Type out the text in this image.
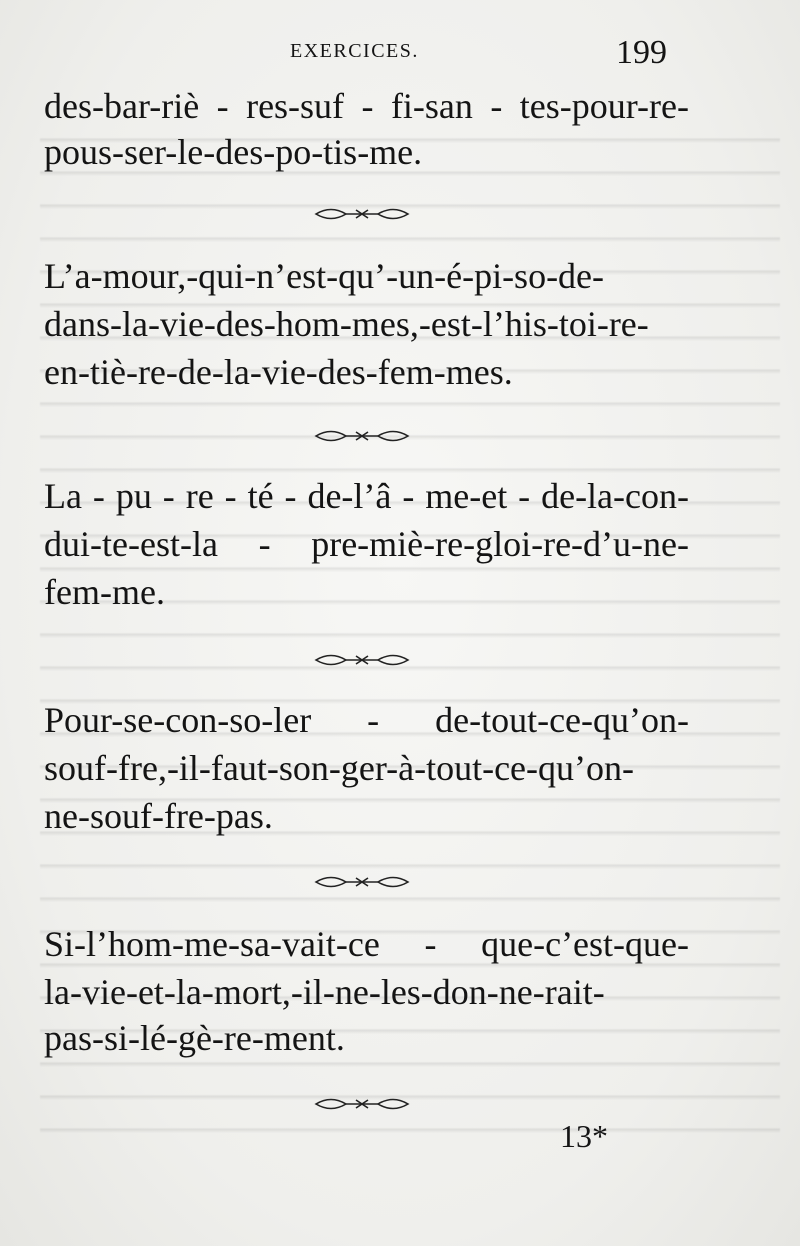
EXERCICES.	199
des-bar-riè - res-suf - fi-san - tes-pour-re-
pous-ser-le-des-po-tis-me.
L’a-mour,-qui-n’est-qu’-un-é-pi-so-de-
dans-la-vie-des-hom-mes,-est-l’his-toi-re-
en-tiè-re-de-la-vie-des-fem-mes.
La - pu - re - té - de-l’â - me-et - de-la-con-
dui-te-est-la - pre-miè-re-gloi-re-d’u-ne-
fem-me.
Pour-se-con-so-ler - de-tout-ce-qu’on-
souf-fre,-il-faut-son-ger-à-tout-ce-qu’on-
ne-souf-fre-pas.
Si-l’hom-me-sa-vait-ce - que-c’est-que-
la-vie-et-la-mort,-il-ne-les-don-ne-rait-
pas-si-lé-gè-re-ment.
13*
